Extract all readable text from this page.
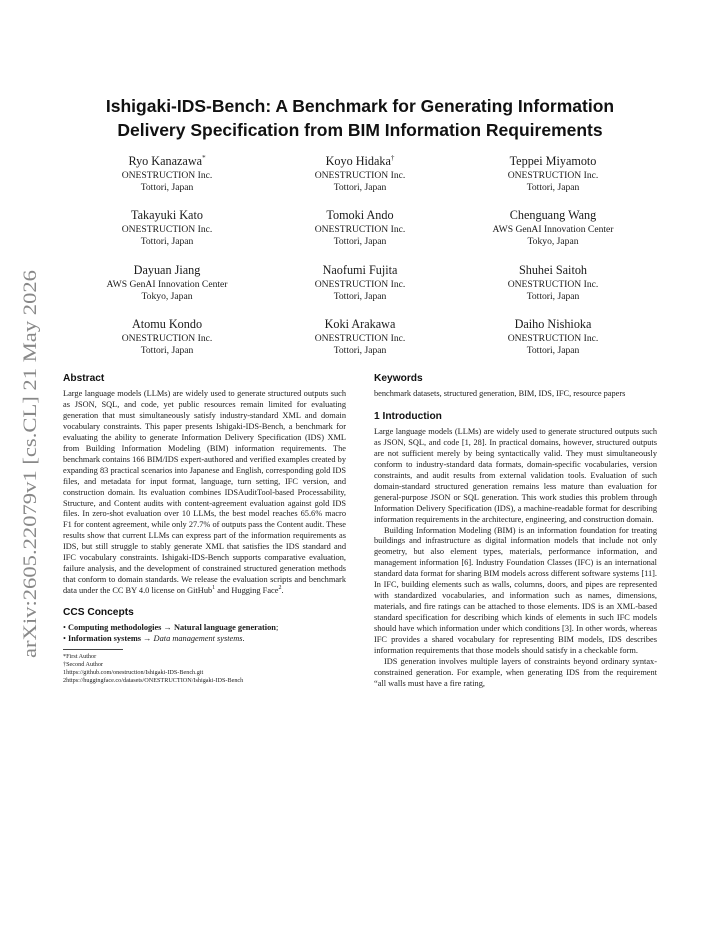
arXiv:2605.22079v1 [cs.CL] 21 May 2026
Ishigaki-IDS-Bench: A Benchmark for Generating Information
Delivery Specification from BIM Information Requirements
Ryo Kanazawa*
ONESTRUCTION Inc.
Tottori, Japan
Koyo Hidaka†
ONESTRUCTION Inc.
Tottori, Japan
Teppei Miyamoto
ONESTRUCTION Inc.
Tottori, Japan
Takayuki Kato
ONESTRUCTION Inc.
Tottori, Japan
Tomoki Ando
ONESTRUCTION Inc.
Tottori, Japan
Chenguang Wang
AWS GenAI Innovation Center
Tokyo, Japan
Dayuan Jiang
AWS GenAI Innovation Center
Tokyo, Japan
Naofumi Fujita
ONESTRUCTION Inc.
Tottori, Japan
Shuhei Saitoh
ONESTRUCTION Inc.
Tottori, Japan
Atomu Kondo
ONESTRUCTION Inc.
Tottori, Japan
Koki Arakawa
ONESTRUCTION Inc.
Tottori, Japan
Daiho Nishioka
ONESTRUCTION Inc.
Tottori, Japan
Abstract

Large language models (LLMs) are widely used to generate structured outputs such as JSON, SQL, and code, yet public resources remain limited for evaluating generation that must simultaneously satisfy industry-standard XML and domain vocabulary constraints. This paper presents Ishigaki-IDS-Bench, a benchmark for evaluating the ability to generate Information Delivery Specification (IDS) XML from Building Information Modeling (BIM) information requirements. The benchmark contains 166 BIM/IDS expert-authored and verified examples created by expanding 83 practical scenarios into Japanese and English, corresponding gold IDS files, and metadata for input format, language, turn setting, IFC version, and construction domain. Its evaluation combines IDSAuditTool-based Processability, Structure, and Content audits with content-agreement evaluation against gold IDS files. In zero-shot evaluation over 10 LLMs, the best model reaches 65.6% macro F1 for content agreement, while only 27.7% of outputs pass the Content audit. These results show that current LLMs can express part of the information requirements as IDS, but still struggle to stably generate XML that satisfies the IDS standard and IFC vocabulary constraints. Ishigaki-IDS-Bench supports comparative evaluation, failure analysis, and the development of constrained structured generation methods that conform to domain standards. We release the evaluation scripts and benchmark data under the CC BY 4.0 license on GitHub$^1$ and Hugging Face$^2$.

CCS Concepts
• Computing methodologies → Natural language generation;
• Information systems → Data management systems.
*First Author
†Second Author
1https://github.com/onestruction/Ishigaki-IDS-Bench.git
2https://huggingface.co/datasets/ONESTRUCTION/Ishigaki-IDS-Bench
Keywords

benchmark datasets, structured generation, BIM, IDS, IFC, resource papers

1 Introduction

Large language models (LLMs) are widely used to generate structured outputs such as JSON, SQL, and code [1, 28]. In practical domains, however, structured outputs are not sufficient merely by being syntactically valid. They must simultaneously conform to industry-standard data formats, domain-specific vocabularies, version constraints, and audit results from external validation tools. Evaluation of such domain-standard structured generation remains less mature than evaluation for general-purpose JSON or SQL generation. This work studies this problem through Information Delivery Specification (IDS), a machine-readable format for describing information requirements in the architecture, engineering, and construction domain.

Building Information Modeling (BIM) is an information foundation for treating buildings and infrastructure as digital information models that include not only geometry, but also element types, materials, performance information, and management information [6]. Industry Foundation Classes (IFC) is an international standard data format for sharing BIM models across different software systems [11]. In IFC, building elements such as walls, columns, doors, and pipes are represented with standardized vocabularies, and information such as names, dimensions, materials, and fire ratings can be attached to those elements. IDS is an XML-based standard specification for describing which kinds of elements in such IFC models should have which information under which conditions [3]. In other words, whereas IFC provides a shared vocabulary for representing BIM models, IDS describes information requirements that those models should satisfy in a checkable form.

IDS generation involves multiple layers of constraints beyond ordinary syntax-constrained generation. For example, when generating IDS from the requirement “all walls must have a fire rating,
